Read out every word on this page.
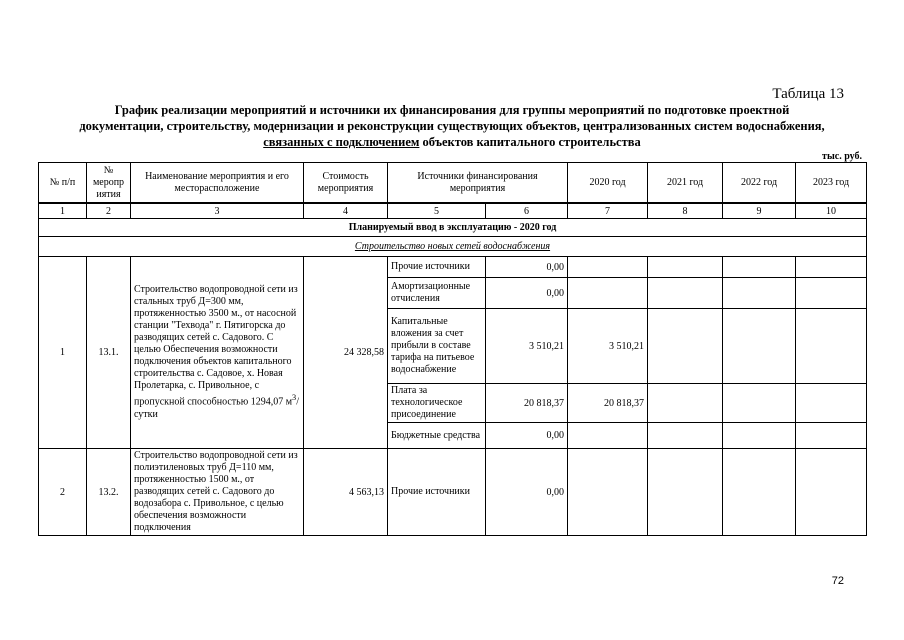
Таблица 13
График реализации мероприятий и источники их финансирования для группы мероприятий по подготовке проектной
документации, строительству, модернизации и реконструкции существующих объектов, централизованных систем водоснабжения,
связанных с подключением объектов капитального строительства
тыс. руб.
№ п/п	№ меропр иятия	Наименование мероприятия и его месторасположение	Стоимость мероприятия	Источники финансирования мероприятия	2020 год	2021 год	2022 год	2023 год
1	2	3	4	5	6	7	8	9	10
Планируемый ввод в эксплуатацию - 2020 год									
Строительство новых сетей водоснабжения									
1	13.1.	Строительство водопроводной сети из стальных труб Д=300 мм, протяженностью 3500 м., от насосной станции "Техвода" г. Пятигорска до разводящих сетей с. Садового. С целью Обеспечения возможности подключения объектов капитального строительства с. Садовое, х. Новая Пролетарка, с. Привольное, с пропускной способностью 1294,07 $м^3$/сутки	24 328,58	Прочие источники	0,00				
				Амортизационные отчисления	0,00				
				Капитальные вложения за счет прибыли в составе тарифа на питьевое водоснабжение	3 510,21	3 510,21			
				Плата за технологическое присоединение	20 818,37	20 818,37			
				Бюджетные средства	0,00				
2	13.2.	Строительство водопроводной сети из полиэтиленовых труб Д=110 мм, протяженностью 1500 м., от разводящих сетей с. Садового до водозабора с. Привольное, с целью обеспечения возможности подключения	4 563,13	Прочие источники	0,00				
72
